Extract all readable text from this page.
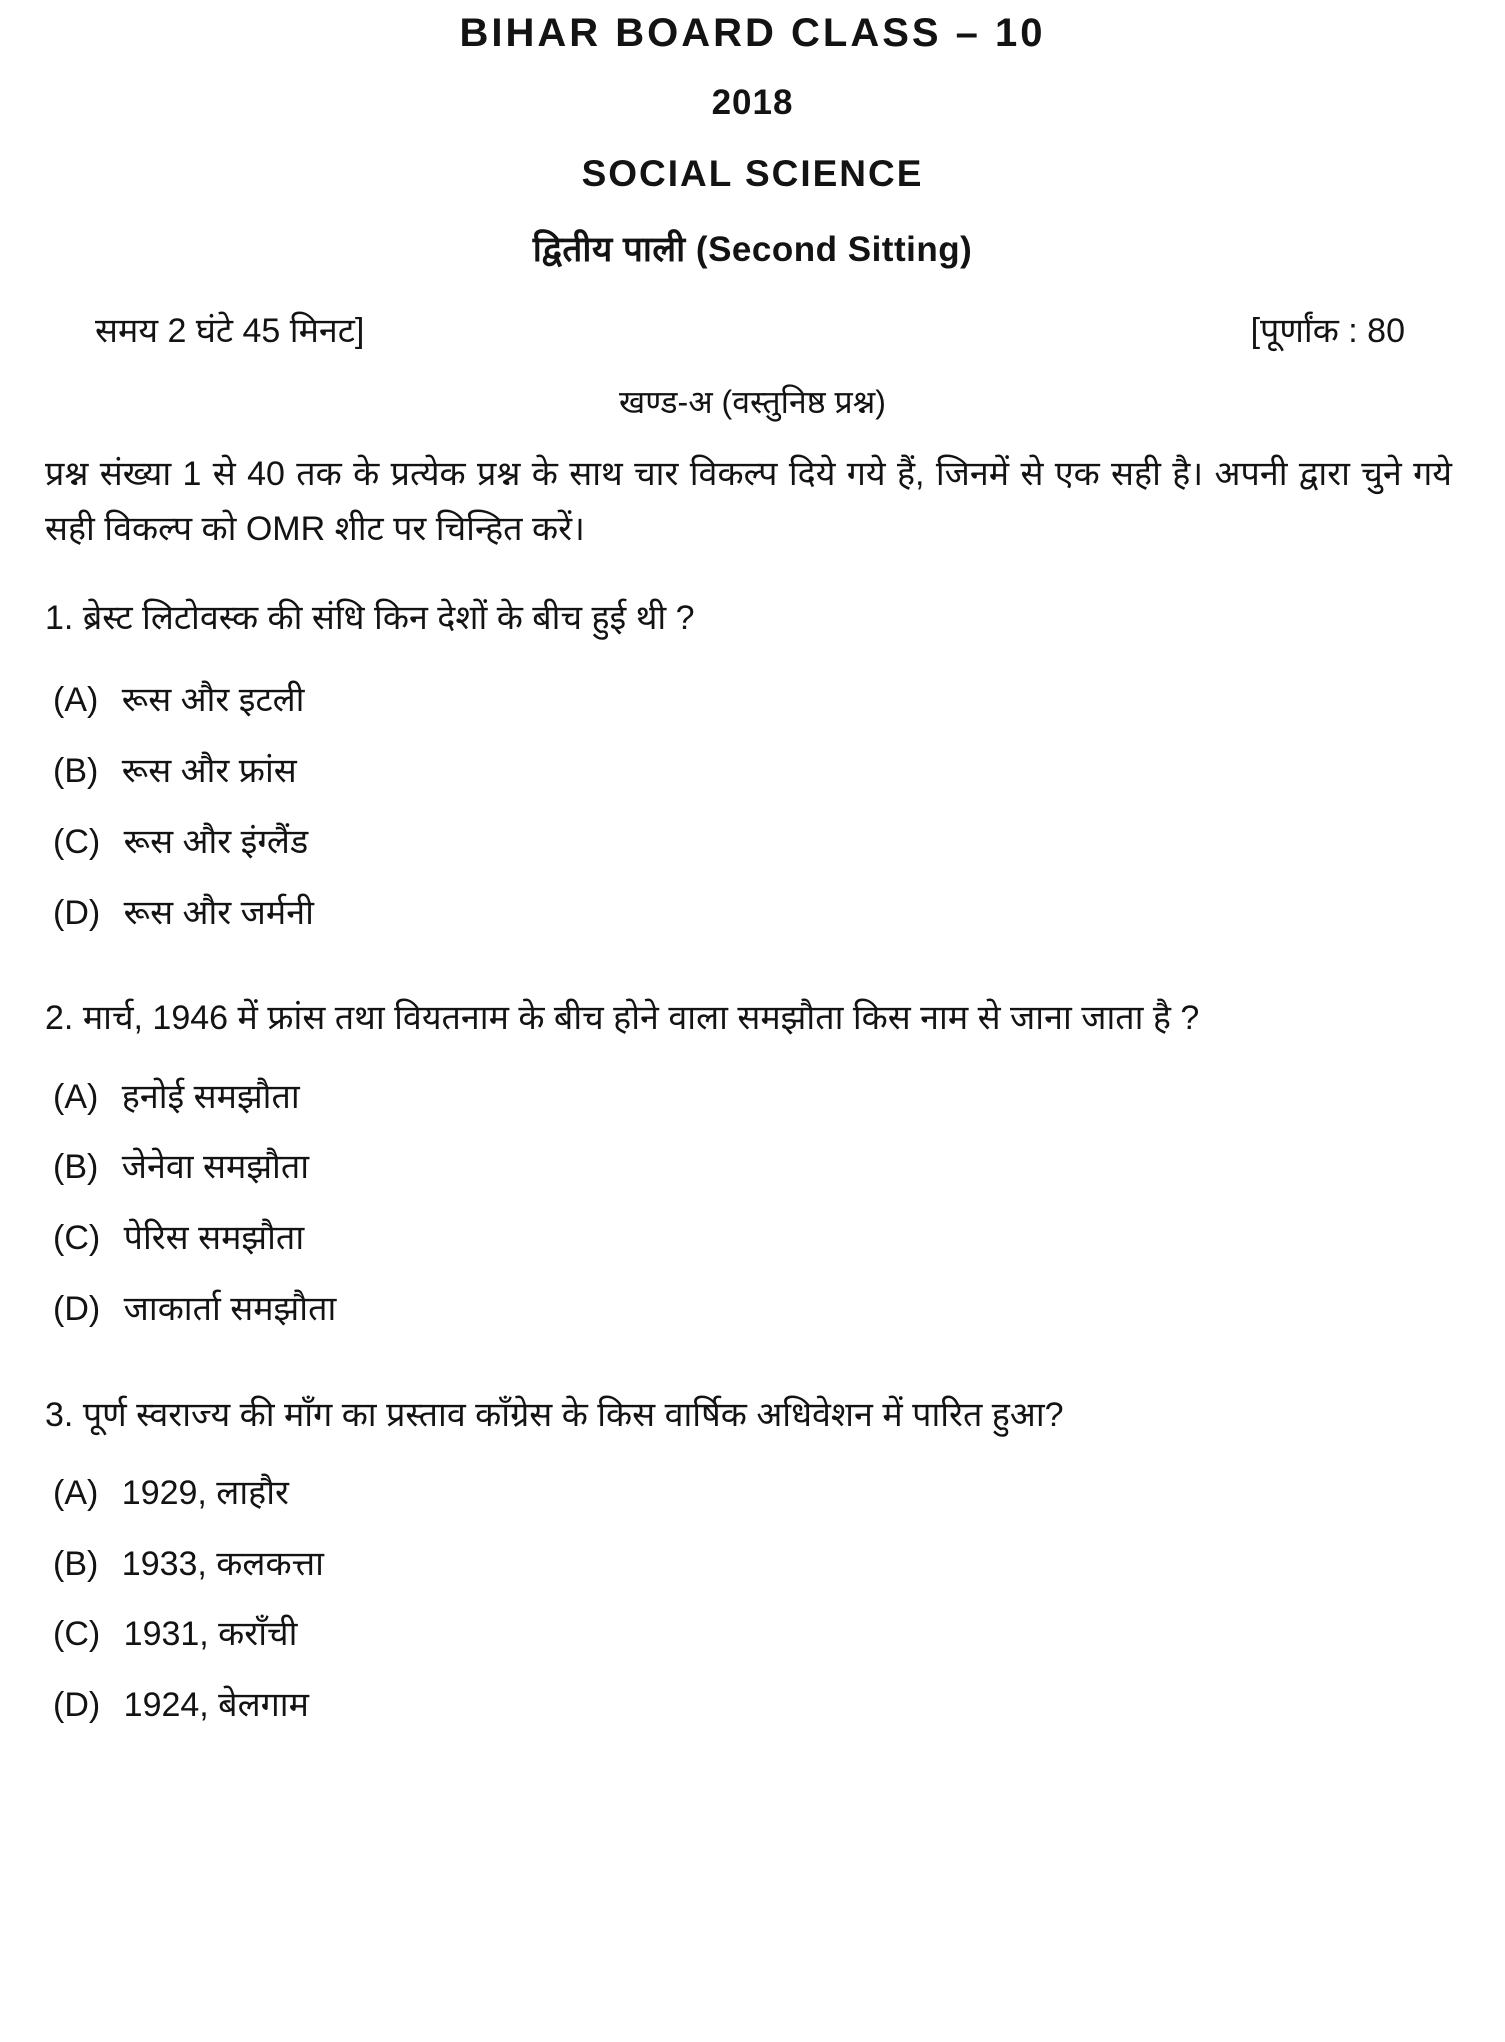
BIHAR BOARD CLASS – 10
2018
SOCIAL SCIENCE
द्वितीय पाली (Second Sitting)
समय 2 घंटे 45 मिनट]	[पूर्णांक : 80
खण्ड-अ (वस्तुनिष्ठ प्रश्न)
प्रश्न संख्या 1 से 40 तक के प्रत्येक प्रश्न के साथ चार विकल्प दिये गये हैं, जिनमें से एक सही है। अपनी द्वारा चुने गये सही विकल्प को OMR शीट पर चिन्हित करें।
1. ब्रेस्ट लिटोवस्क की संधि किन देशों के बीच हुई थी ?
(A) रूस और इटली
(B) रूस और फ्रांस
(C) रूस और इंग्लैंड
(D) रूस और जर्मनी
2. मार्च, 1946 में फ्रांस तथा वियतनाम के बीच होने वाला समझौता किस नाम से जाना जाता है ?
(A) हनोई समझौता
(B) जेनेवा समझौता
(C) पेरिस समझौता
(D) जाकार्ता समझौता
3. पूर्ण स्वराज्य की माँग का प्रस्ताव काँग्रेस के किस वार्षिक अधिवेशन में पारित हुआ?
(A) 1929, लाहौर
(B) 1933, कलकत्ता
(C) 1931, कराँची
(D) 1924, बेलगाम
